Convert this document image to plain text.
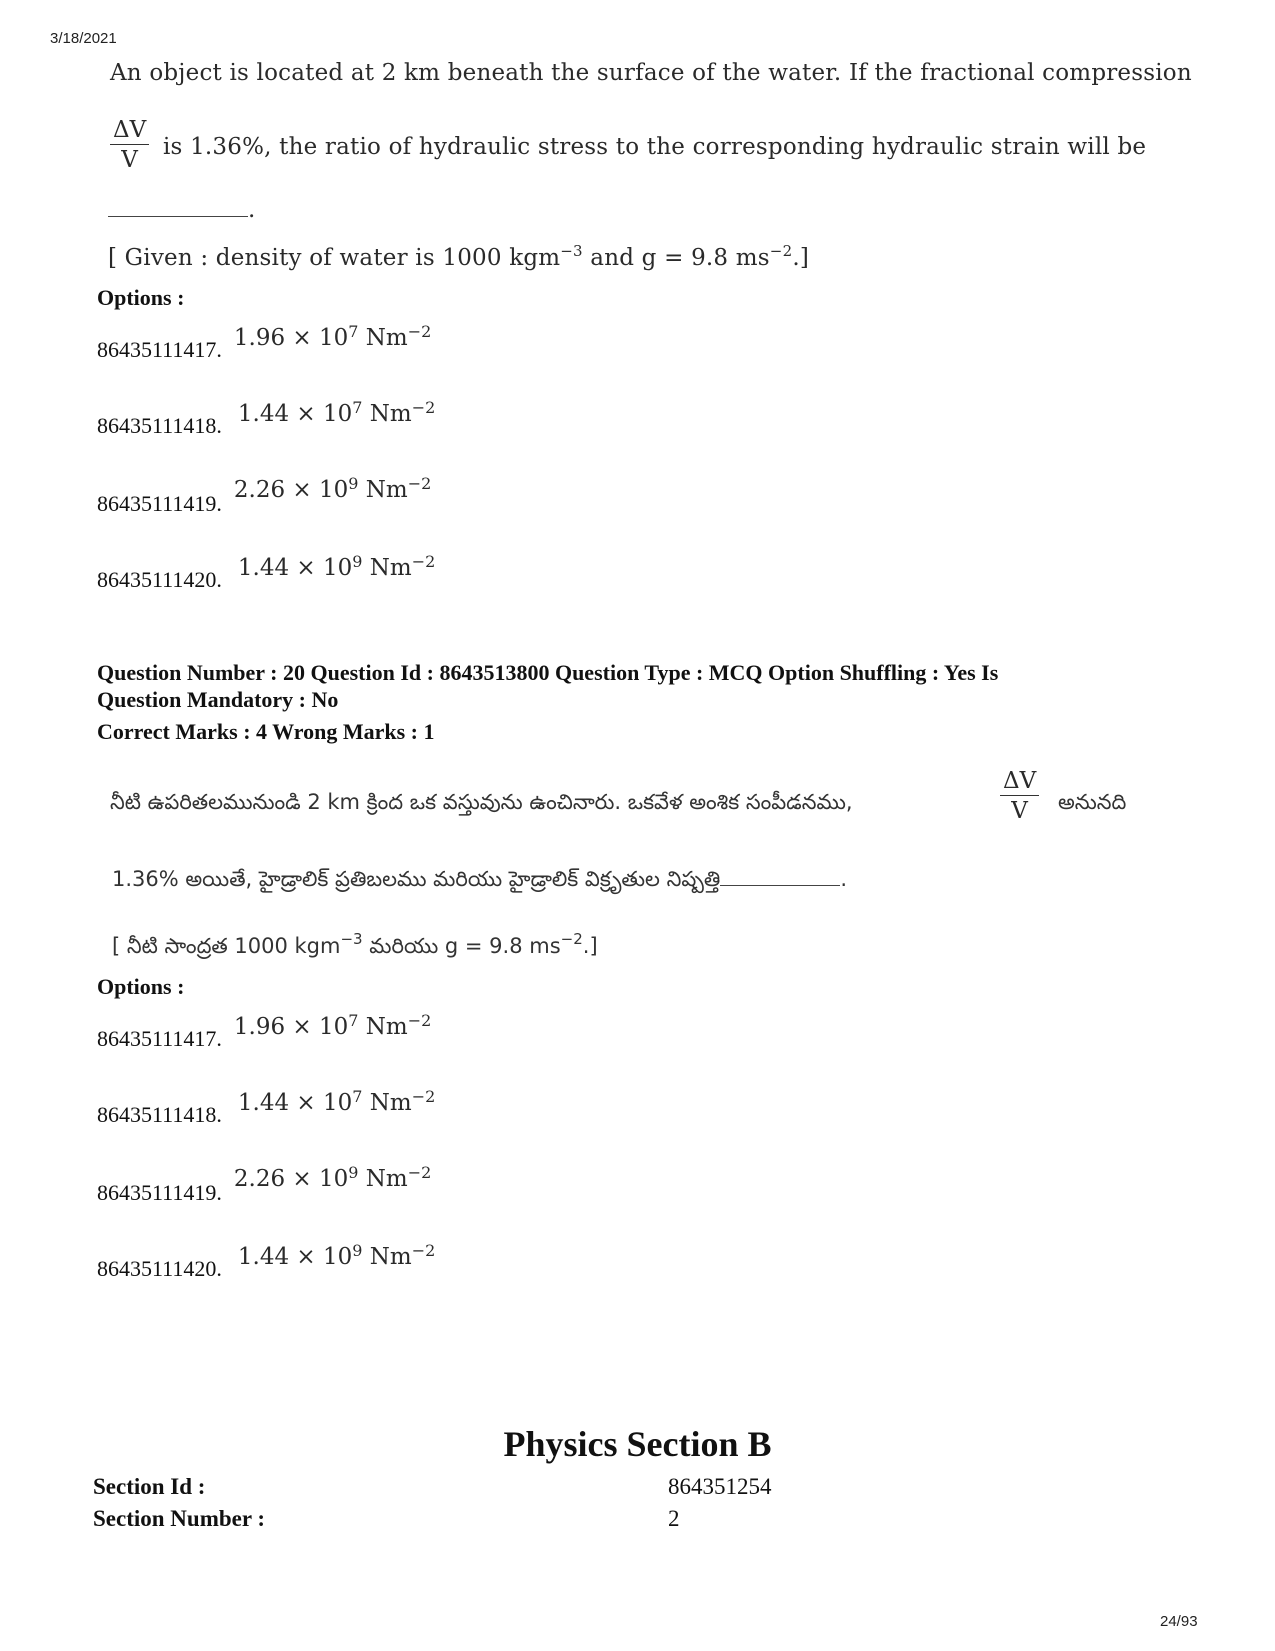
3/18/2021
24/93
An object is located at 2 km beneath the surface of the water. If the fractional compression
$\frac{\Delta V}{V}$ is 1.36%, the ratio of hydraulic stress to the corresponding hydraulic strain will be
.
[ Given : density of water is 1000 kgm$^{-3}$ and g = 9.8 $ms^{-2}$.]
Options :
86435111417. $1.96 \times 10^7$ $Nm^{-2}$
86435111418. $1.44 \times 10^7$ $Nm^{-2}$
86435111419. $2.26 \times 10^9$ $Nm^{-2}$
86435111420. $1.44 \times 10^9$ $Nm^{-2}$
Question Number : 20 Question Id : 8643513800 Question Type : MCQ Option Shuffling : Yes Is
Question Mandatory : No
Correct Marks : 4 Wrong Marks : 1
నీటి ఉపరితలమునుండి 2 km క్రింద ఒక వస్తువును ఉంచినారు. ఒకవేళ అంశిక సంపీడనము,	$\frac{\Delta V}{V}$ అనునది
1.36% అయితే, హైడ్రాలిక్ ప్రతిబలము మరియు హైడ్రాలిక్ విక్రృతుల నిష్పత్తి	.
[ నీటి సాంద్రత 1000 kgm$^{-3}$ మరియు g = 9.8 $ms^{-2}$.]
Options :
86435111417. $1.96 \times 10^7$ $Nm^{-2}$
86435111418. $1.44 \times 10^7$ $Nm^{-2}$
86435111419. $2.26 \times 10^9$ $Nm^{-2}$
86435111420. $1.44 \times 10^9$ $Nm^{-2}$
Physics Section B
Section Id :	864351254
Section Number :	2
